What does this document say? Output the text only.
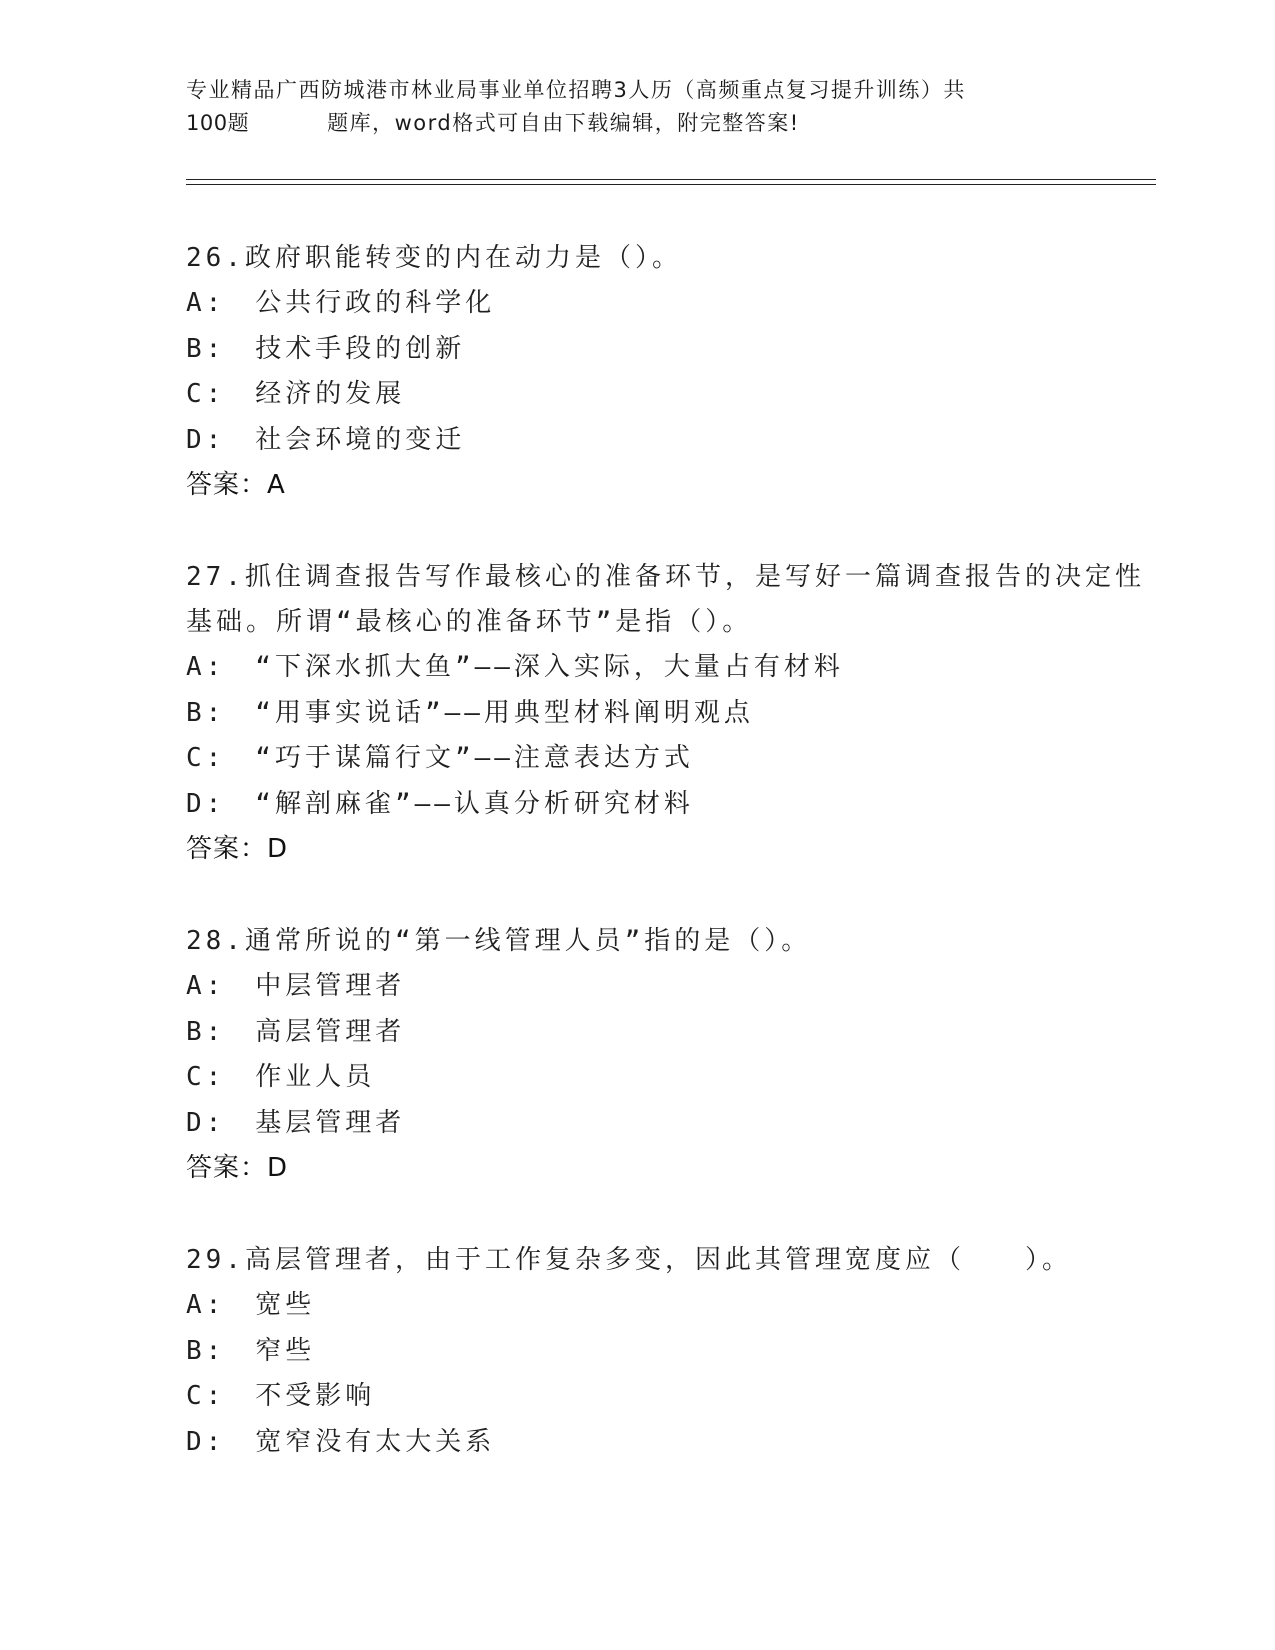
专业精品广西防城港市林业局事业单位招聘3人历（高频重点复习提升训练）共
100题	题库，word格式可自由下载编辑，附完整答案!

26.政府职能转变的内在动力是（）。

A:　公共行政的科学化

B:　技术手段的创新

C:　经济的发展

D:　社会环境的变迁

答案：A

27.抓住调查报告写作最核心的准备环节，是写好一篇调查报告的决定性基础。所谓“最核心的准备环节”是指（）。

A:　“下深水抓大鱼”——深入实际，大量占有材料

B:　“用事实说话”——用典型材料阐明观点

C:　“巧于谋篇行文”——注意表达方式

D:　“解剖麻雀”——认真分析研究材料

答案：D

28.通常所说的“第一线管理人员”指的是（）。

A:　中层管理者

B:　高层管理者

C:　作业人员

D:　基层管理者

答案：D

29.高层管理者，由于工作复杂多变，因此其管理宽度应（　　）。

A:　宽些

B:　窄些

C:　不受影响

D:　宽窄没有太大关系
